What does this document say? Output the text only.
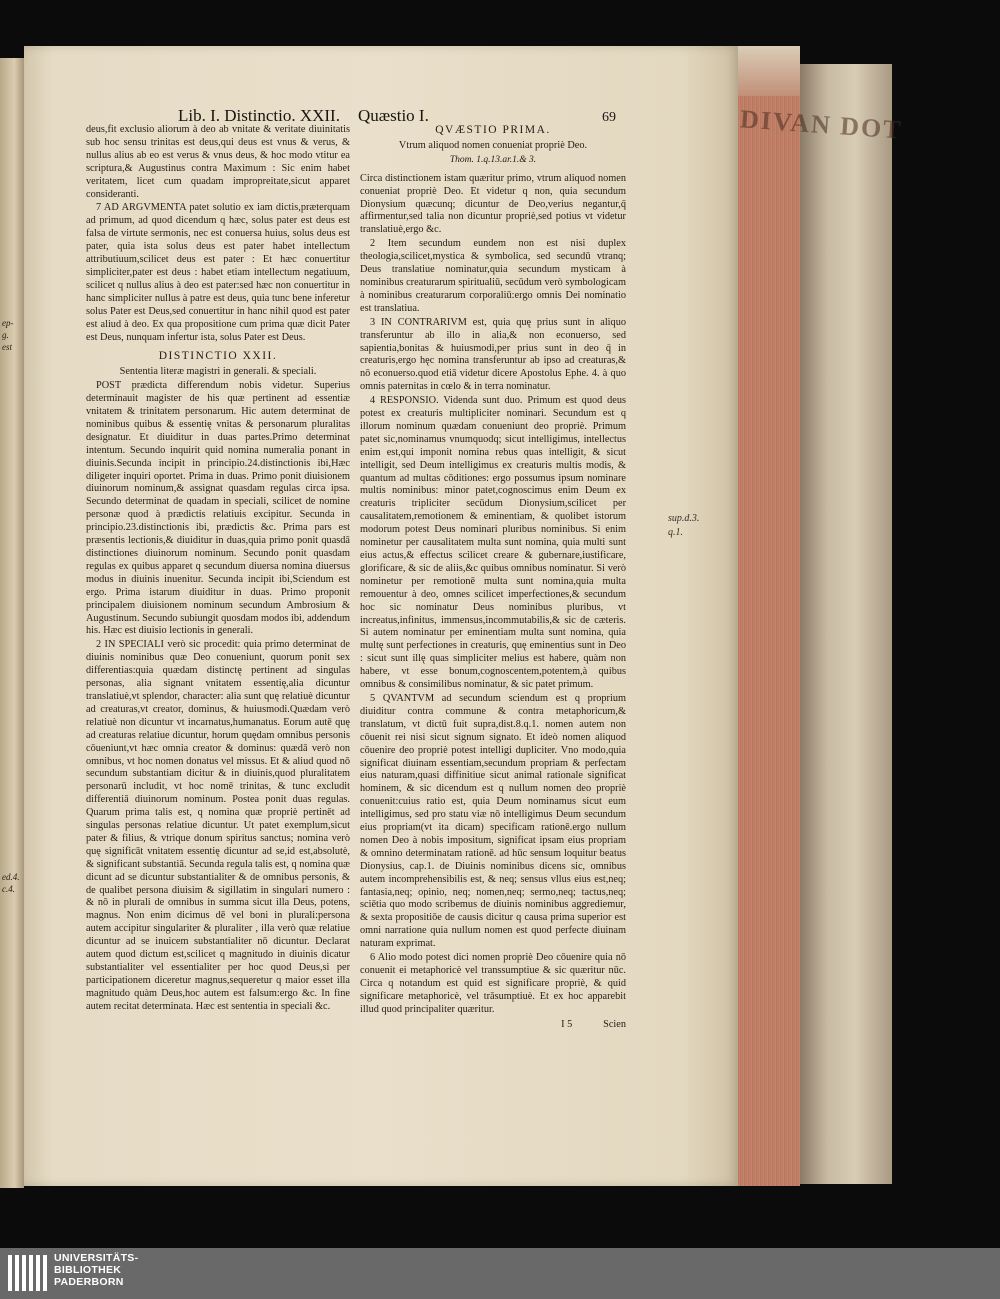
ep-
g.
est
ed.4.
c.4.
DIVAN DOT
Lib. I. Distinctio. XXII. Quæstio I.	69

deus,fit exclusio aliorum à deo ab vnitate & veritate diuinitatis sub hoc sensu trinitas est deus,qui deus est vnus & verus, & nullus alius ab eo est verus & vnus deus, & hoc modo vtitur ea scriptura,& Augustinus contra Maximum : Sic enim habet veritatem, licet cum quadam impropreitate,sicut apparet consideranti.

7 AD ARGVMENTA patet solutio ex iam dictis,præterquam ad primum, ad quod dicendum q hæc, solus pater est deus est falsa de virtute sermonis, nec est conuersa huius, solus deus est pater, quia ista solus deus est pater habet intellectum attributiuum,scilicet deus est pater : Et hæc conuertitur simpliciter,pater est deus : habet etiam intellectum negatiuum, scilicet q nullus alius à deo est pater:sed hæc non conuertitur in hanc simpliciter nullus à patre est deus, quia tunc bene inferetur solus Pater est Deus,sed conuertitur in hanc nihil quod est pater est aliud à deo. Ex qua propositione cum prima quæ dicit Pater est Deus, nunquam infertur ista, solus Pater est Deus.

DISTINCTIO XXII.

Sententia literæ magistri in generali. & speciali.

POST prædicta differendum nobis videtur. Superius determinauit magister de his quæ pertinent ad essentiæ vnitatem & trinitatem personarum. Hic autem determinat de nominibus quibus & essentię vnitas & personarum pluralitas designatur. Et diuiditur in duas partes.Primo determinat intentum. Secundo inquirit quid nomina numeralia ponant in diuinis.Secunda incipit in principio.24.distinctionis ibi,Hæc diligeter inquiri oportet. Prima in duas. Primo ponit diuisionem diuinorum nominum,& assignat quasdam regulas circa ipsa. Secundo determinat de quadam in speciali, scilicet de nomine personæ quod à prædictis relatiuis excipitur. Secunda in principio.23.distinctionis ibi, prædictis &c. Prima pars est præsentis lectionis,& diuiditur in duas,quia primo ponit quasdā distinctiones diuinorum nominum. Secundo ponit quasdam regulas ex quibus apparet q secundum diuersa nomina diuersus modus in diuinis inuenitur. Secunda incipit ibi,Sciendum est ergo. Prima istarum diuiditur in duas. Primo proponit principalem diuisionem nominum secundum Ambrosium & Augustinum. Secundo subiungit quosdam modos ibi, addendum his. Hæc est diuisio lectionis in generali.

2 IN SPECIALI verò sic procedit: quia primo determinat de diuinis nominibus quæ Deo conueniunt, quorum ponit sex differentias:quia quædam distinctę pertinent ad singulas personas, alia signant vnitatem essentię,alia dicuntur translatiuè,vt splendor, character: alia sunt quę relatiuè dicuntur ad creaturas,vt creator, dominus, & huiusmodi.Quædam verò relatiuè non dicuntur vt incarnatus,humanatus. Eorum autē quę ad creaturas relatiue dicuntur, horum quędam omnibus personis cōueniunt,vt hæc omnia creator & dominus: quædā verò non omnibus, vt hoc nomen donatus vel missus. Et & aliud quod nō secundum substantiam dicitur & in diuinis,quod pluralitatem personarū includit, vt hoc nomē trinitas, & tunc excludit differentiā diuinorum nominum. Postea ponit duas regulas. Quarum prima talis est, q nomina quæ propriè pertinēt ad singulas personas relatiue dicuntur. Ut patet exemplum,sicut pater & filius, & vtrique donum spiritus sanctus; nomina verò quę significāt vnitatem essentię dicuntur ad se,id est,absolutè, & significant substantiā. Secunda regula talis est, q nomina quæ dicunt ad se dicuntur substantialiter & de omnibus personis, & de qualibet persona diuisim & sigillatim in singulari numero : & nō in plurali de omnibus in summa sicut illa Deus, potens, magnus. Non enim dicimus dē vel boni in plurali:persona autem accipitur singulariter & pluraliter , illa verò quæ relatiue dicuntur ad se inuicem substantialiter nō dicuntur. Declarat autem quod dictum est,scilicet q magnitudo in diuinis dicatur substantialiter vel essentialiter per hoc quod Deus,si per participationem diceretur magnus,sequeretur q maior esset illa magnitudo quàm Deus,hoc autem est falsum:ergo &c. In fine autem recitat determinata. Hæc est sententia in speciali &c.

QVÆSTIO PRIMA.

Vtrum aliquod nomen conueniat propriè Deo.

Thom. 1.q.13.ar.1.& 3.

Circa distinctionem istam quæritur primo, vtrum aliquod nomen conueniat propriè Deo. Et videtur q non, quia secundum Dionysium quæcunq; dicuntur de Deo,verius negantur,q̄ affirmentur,sed talia non dicuntur propriè,sed potius vt videtur translatiuè,ergo &c.

2 Item secundum eundem non est nisi duplex theologia,scilicet,mystica & symbolica, sed secundū vtranq; Deus translatiue nominatur,quia secundum mysticam à nominibus creaturarum spiritualiū, secūdum verò symbologicam à nominibus creaturarum corporaliū:ergo omnis Dei nominatio est translatiua.

3 IN CONTRARIVM est, quia quę prius sunt in aliquo transferuntur ab illo in alia,& non econuerso, sed sapientia,bonitas & huiusmodi,per prius sunt in deo q̄ in creaturis,ergo hęc nomina transferuntur ab ipso ad creaturas,& nō econuerso.quod etiā videtur dicere Apostolus Ephe. 4. à quo omnis paternitas in cœlo & in terra nominatur.

4 RESPONSIO. Videnda sunt duo. Primum est quod deus potest ex creaturis multipliciter nominari. Secundum est q illorum nominum quædam conueniunt deo propriè. Primum patet sic,nominamus vnumquodq; sicut intelligimus, intellectus enim est,qui imponit nomina rebus quas intelligit, & sicut intelligit, sed Deum intelligimus ex creaturis multis modis, & quantum ad multas cōditiones: ergo possumus ipsum nominare multis nominibus: minor patet,cognoscimus enim Deum ex creaturis tripliciter secūdum Dionysium,scilicet per causalitatem,remotionem & eminentiam, & quolibet istorum modorum potest Deus nominari pluribus nominibus. Si enim nominetur per causalitatem multa sunt nomina, quia multi sunt eius actus,& effectus scilicet creare & gubernare,iustificare, glorificare, & sic de aliis,&c quibus omnibus nominatur. Si verò nominetur per remotionē multa sunt nomina,quia multa remouentur à deo, omnes scilicet imperfectiones,& secundum hoc sic nominatur Deus nominibus pluribus, vt increatus,infinitus, immensus,incommutabilis,& sic de cæteris. Si autem nominatur per eminentiam multa sunt nomina, quia multę sunt perfectiones in creaturis, quę eminentius sunt in Deo : sicut sunt illę quas simpliciter melius est habere, quàm non habere, vt esse bonum,cognoscentem,potentem,à quibus omnibus & consimilibus nominatur, & sic patet primum.

5 QVANTVM ad secundum sciendum est q proprium diuiditur contra commune & contra metaphoricum,& translatum, vt dictū fuit supra,dist.8.q.1. nomen autem non cōuenit rei nisi sicut signum signato. Et ideò nomen aliquod cōuenire deo propriè potest intelligi dupliciter. Vno modo,quia significat diuinam essentiam,secundum propriam & perfectam eius naturam,quasi diffinitiue sicut animal rationale significat hominem, & sic dicendum est q nullum nomen deo propriè conuenit:cuius ratio est, quia Deum nominamus sicut eum intelligimus, sed pro statu viæ nō intelligimus Deum secundum eius propriam(vt ita dicam) specificam rationē.ergo nullum nomen Deo à nobis impositum, significat ipsam eius propriam & omnino determinatam rationē. ad hūc sensum loquitur beatus Dionysius, cap.1. de Diuinis nominibus dicens sic, omnibus autem incomprehensibilis est, & neq; sensus vllus eius est,neq; fantasia,neq; opinio, neq; nomen,neq; sermo,neq; tactus,neq; sciētia quo modo scribemus de diuinis nominibus aggrediemur, & sexta propositiōe de causis dicitur q causa prima superior est omni narratione quia nullum nomen est quod perfecte diuinam naturam exprimat.

6 Alio modo potest dici nomen propriè Deo cōuenire quia nō conuenit ei metaphoricè vel transsumptiue & sic quæritur nūc. Circa q notandum est quid est significare propriè, & quid significare metaphoricè, vel trāsumptiuè. Et ex hoc apparebit illud quod principaliter quæritur.

I 5	Scien

sup.d.3. q.1.
UNIVERSITÄTS-
BIBLIOTHEK
PADERBORN
